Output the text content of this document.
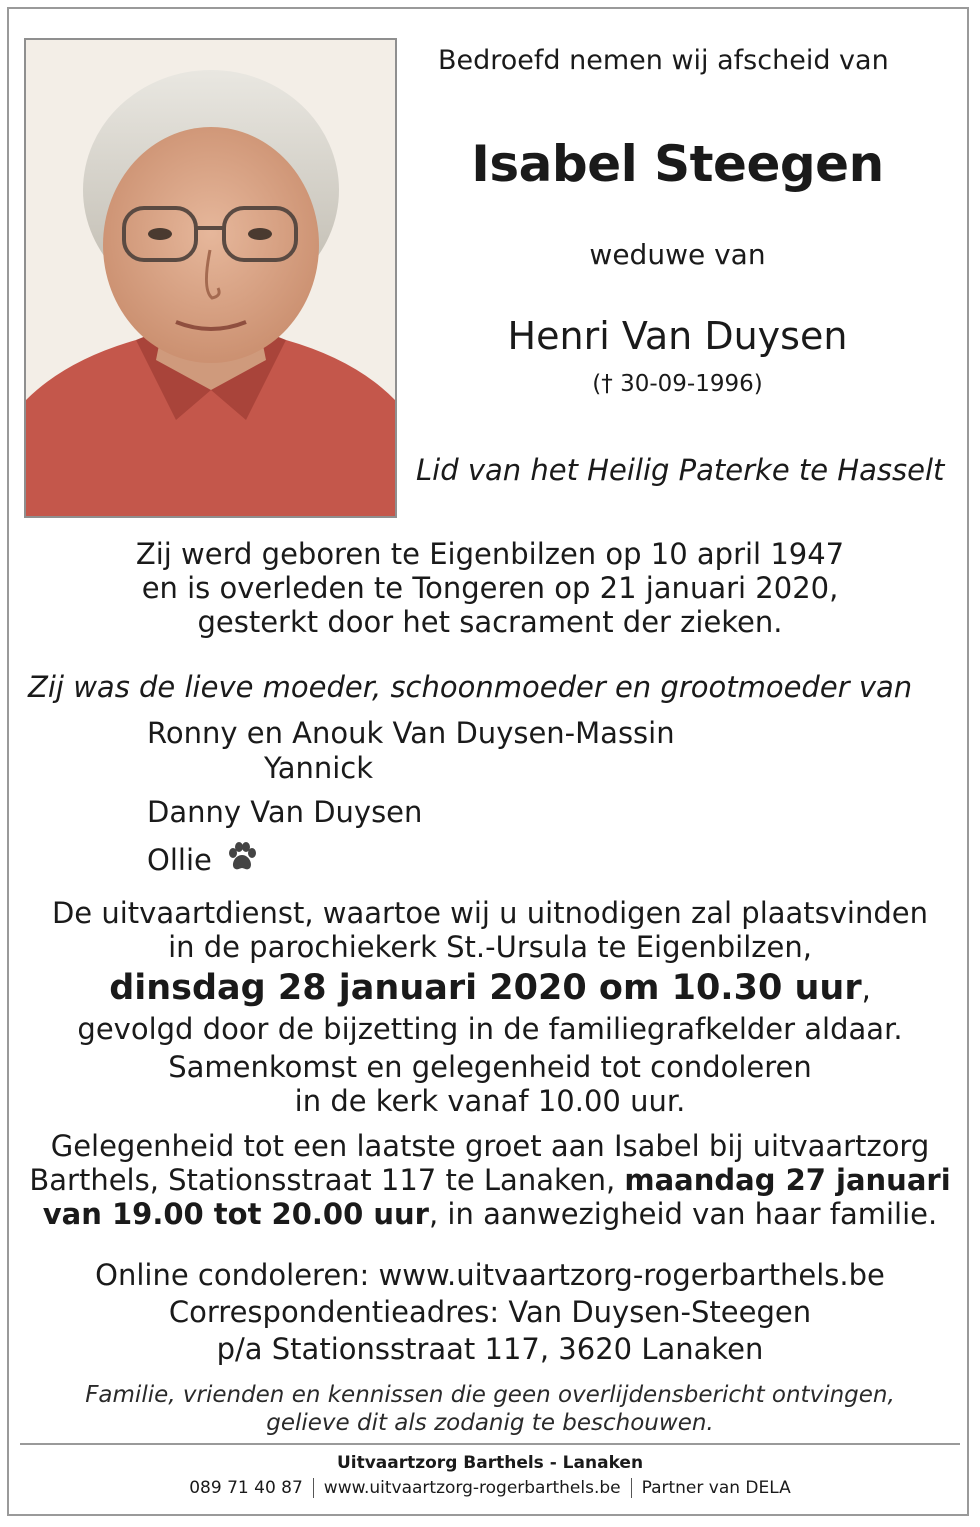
Bedroefd nemen wij afscheid van
Isabel Steegen
weduwe van
Henri Van Duysen
(† 30-09-1996)
Lid van het Heilig Paterke te Hasselt
Zij werd geboren te Eigenbilzen op 10 april 1947
en is overleden te Tongeren op 21 januari 2020,
gesterkt door het sacrament der zieken.
Zij was de lieve moeder, schoonmoeder en grootmoeder van
Ronny en Anouk Van Duysen-Massin
Yannick
Danny Van Duysen
Ollie
De uitvaartdienst, waartoe wij u uitnodigen zal plaatsvinden
in de parochiekerk St.-Ursula te Eigenbilzen,
dinsdag 28 januari 2020 om 10.30 uur,
gevolgd door de bijzetting in de familiegrafkelder aldaar.
Samenkomst en gelegenheid tot condoleren
in de kerk vanaf 10.00 uur.
Gelegenheid tot een laatste groet aan Isabel bij uitvaartzorg
Barthels, Stationsstraat 117 te Lanaken, maandag 27 januari
van 19.00 tot 20.00 uur, in aanwezigheid van haar familie.
Online condoleren: www.uitvaartzorg-rogerbarthels.be
Correspondentieadres: Van Duysen-Steegen
p/a Stationsstraat 117, 3620 Lanaken
Familie, vrienden en kennissen die geen overlijdensbericht ontvingen,
gelieve dit als zodanig te beschouwen.
Uitvaartzorg Barthels - Lanaken
089 71 40 87 www.uitvaartzorg-rogerbarthels.be Partner van DELA
